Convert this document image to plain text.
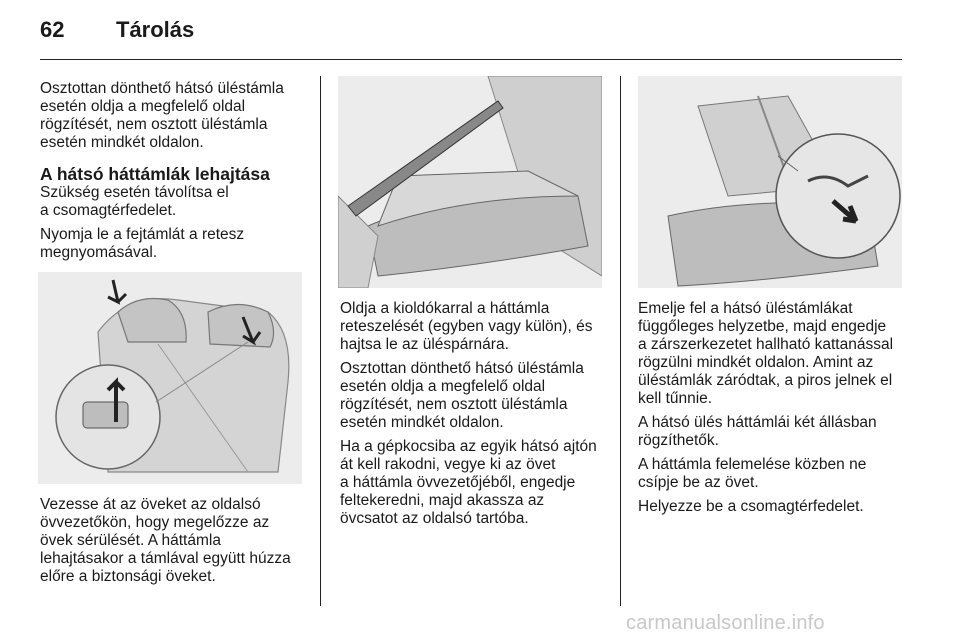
62 Tárolás

Osztottan dönthető hátsó üléstámla
esetén oldja a megfelelő oldal
rögzítését, nem osztott üléstámla
esetén mindkét oldalon.

A hátsó háttámlák lehajtása

Szükség esetén távolítsa el
a csomagtérfedelet.

Nyomja le a fejtámlát a retesz
megnyomásával.

Vezesse át az öveket az oldalsó
övvezetőkön, hogy megelőzze az
övek sérülését. A háttámla
lehajtásakor a támlával együtt húzza
előre a biztonsági öveket.

Oldja a kioldókarral a háttámla
reteszelését (egyben vagy külön), és
hajtsa le az üléspárnára.

Osztottan dönthető hátsó üléstámla
esetén oldja a megfelelő oldal
rögzítését, nem osztott üléstámla
esetén mindkét oldalon.

Ha a gépkocsiba az egyik hátsó ajtón
át kell rakodni, vegye ki az övet
a háttámla övvezetőjéből, engedje
feltekeredni, majd akassza az
övcsatot az oldalsó tartóba.

Emelje fel a hátsó üléstámlákat
függőleges helyzetbe, majd engedje
a zárszerkezetet hallható kattanással
rögzülni mindkét oldalon. Amint az
üléstámlák záródtak, a piros jelnek el
kell tűnnie.

A hátsó ülés háttámlái két állásban
rögzíthetők.

A háttámla felemelése közben ne
csípje be az övet.

Helyezze be a csomagtérfedelet.

carmanualsonline.info
